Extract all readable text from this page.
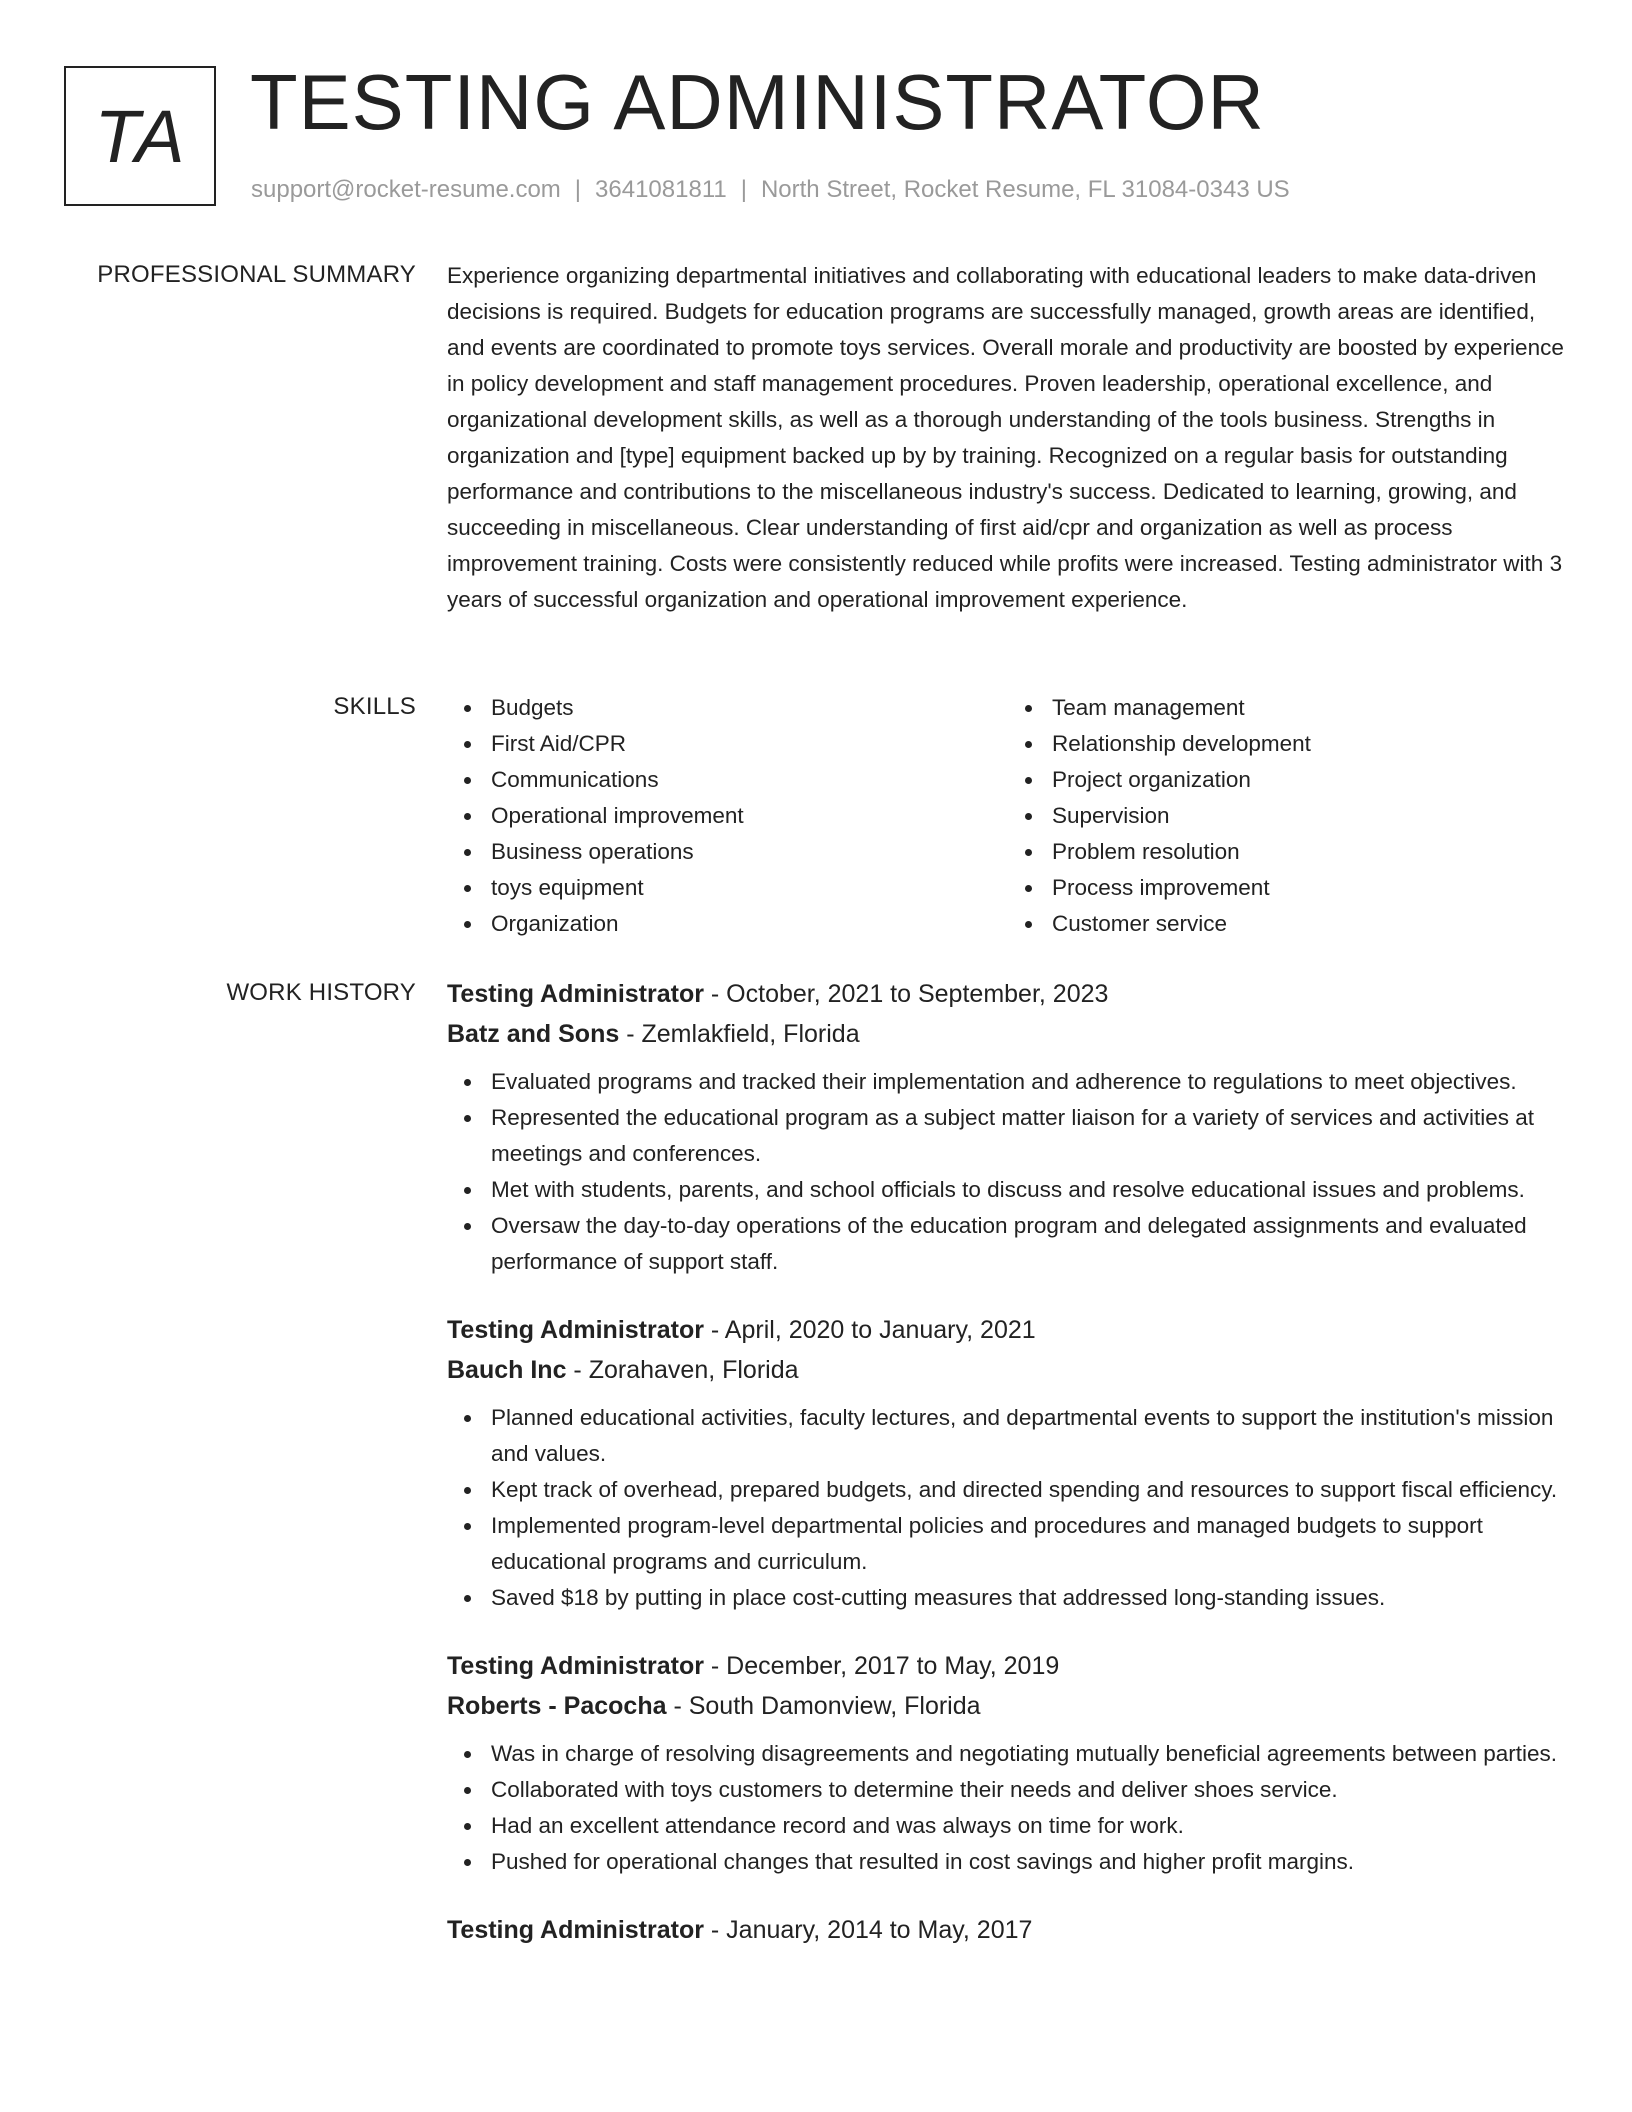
TA TESTING ADMINISTRATOR
support@rocket-resume.com | 3641081811 | North Street, Rocket Resume, FL 31084-0343 US
PROFESSIONAL SUMMARY Experience organizing departmental initiatives and collaborating with educational leaders to make data-driven decisions is required. Budgets for education programs are successfully managed, growth areas are identified, and events are coordinated to promote toys services. Overall morale and productivity are boosted by experience in policy development and staff management procedures. Proven leadership, operational excellence, and organizational development skills, as well as a thorough understanding of the tools business. Strengths in organization and [type] equipment backed up by by training. Recognized on a regular basis for outstanding performance and contributions to the miscellaneous industry's success. Dedicated to learning, growing, and succeeding in miscellaneous. Clear understanding of first aid/cpr and organization as well as process improvement training. Costs were consistently reduced while profits were increased. Testing administrator with 3 years of successful organization and operational improvement experience.

SKILLS	Budgets
First Aid/CPR
Communications
Operational improvement
Business operations
toys equipment
Organization
Team management
Relationship development
Project organization
Supervision
Problem resolution
Process improvement
Customer service
WORK HISTORY Testing Administrator - October, 2021 to September, 2023
Batz and Sons - Zemlakfield, Florida
Evaluated programs and tracked their implementation and adherence to regulations to meet objectives.
Represented the educational program as a subject matter liaison for a variety of services and activities at meetings and conferences.
Met with students, parents, and school officials to discuss and resolve educational issues and problems.
Oversaw the day-to-day operations of the education program and delegated assignments and evaluated performance of support staff.
Testing Administrator - April, 2020 to January, 2021
Bauch Inc - Zorahaven, Florida
Planned educational activities, faculty lectures, and departmental events to support the institution's mission and values.
Kept track of overhead, prepared budgets, and directed spending and resources to support fiscal efficiency.
Implemented program-level departmental policies and procedures and managed budgets to support educational programs and curriculum.
Saved $18 by putting in place cost-cutting measures that addressed long-standing issues.
Testing Administrator - December, 2017 to May, 2019
Roberts - Pacocha - South Damonview, Florida
Was in charge of resolving disagreements and negotiating mutually beneficial agreements between parties.
Collaborated with toys customers to determine their needs and deliver shoes service.
Had an excellent attendance record and was always on time for work.
Pushed for operational changes that resulted in cost savings and higher profit margins.
Testing Administrator - January, 2014 to May, 2017
